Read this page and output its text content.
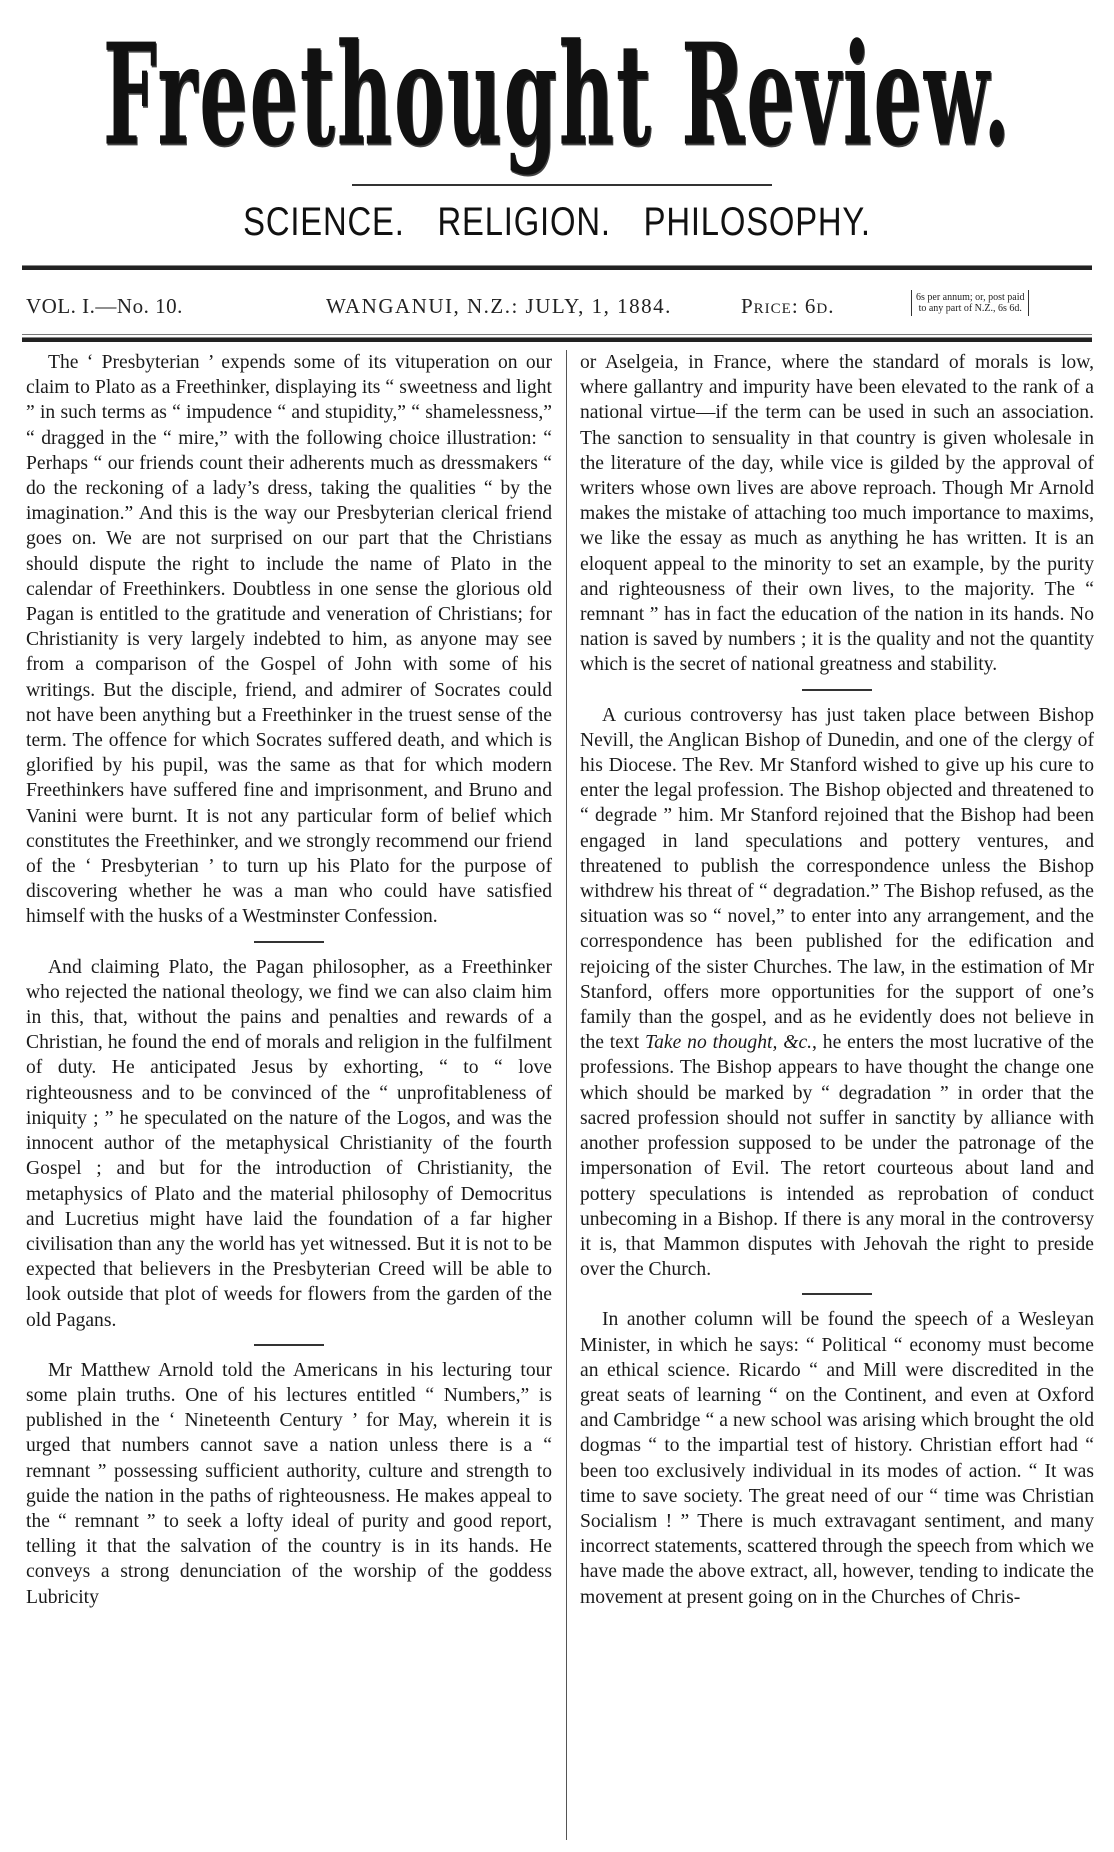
Freethought Review.
SCIENCE. RELIGION. PHILOSOPHY.
VOL. I.—No. 10.	WANGANUI, N.Z.: JULY, 1, 1884.	Price: 6d.	6s per annum; or, post paid
to any part of N.Z., 6s 6d.

The ‘ Presbyterian ’ expends some of its vituperation on our claim to Plato as a Freethinker, displaying its “ sweetness and light ” in such terms as “ impudence “ and stupidity,” “ shamelessness,” “ dragged in the “ mire,” with the following choice illustration: “ Perhaps “ our friends count their adherents much as dressmakers “ do the reckoning of a lady’s dress, taking the qualities “ by the imagination.” And this is the way our Presbyterian clerical friend goes on. We are not surprised on our part that the Christians should dispute the right to include the name of Plato in the calendar of Freethinkers. Doubtless in one sense the glorious old Pagan is entitled to the gratitude and veneration of Christians; for Christianity is very largely indebted to him, as anyone may see from a comparison of the Gospel of John with some of his writings. But the disciple, friend, and admirer of Socrates could not have been anything but a Freethinker in the truest sense of the term. The offence for which Socrates suffered death, and which is glorified by his pupil, was the same as that for which modern Freethinkers have suffered fine and imprisonment, and Bruno and Vanini were burnt. It is not any particular form of belief which constitutes the Freethinker, and we strongly recommend our friend of the ‘ Presbyterian ’ to turn up his Plato for the purpose of discovering whether he was a man who could have satisfied himself with the husks of a Westminster Confession.

And claiming Plato, the Pagan philosopher, as a Freethinker who rejected the national theology, we find we can also claim him in this, that, without the pains and penalties and rewards of a Christian, he found the end of morals and religion in the fulfilment of duty. He anticipated Jesus by exhorting, “ to “ love righteousness and to be convinced of the “ unprofitableness of iniquity ; ” he speculated on the nature of the Logos, and was the innocent author of the metaphysical Christianity of the fourth Gospel ; and but for the introduction of Christianity, the metaphysics of Plato and the material philosophy of Democritus and Lucretius might have laid the foundation of a far higher civilisation than any the world has yet witnessed. But it is not to be expected that believers in the Presbyterian Creed will be able to look outside that plot of weeds for flowers from the garden of the old Pagans.

Mr Matthew Arnold told the Americans in his lecturing tour some plain truths. One of his lectures entitled “ Numbers,” is published in the ‘ Nineteenth Century ’ for May, wherein it is urged that numbers cannot save a nation unless there is a “ remnant ” possessing sufficient authority, culture and strength to guide the nation in the paths of righteousness. He makes appeal to the “ remnant ” to seek a lofty ideal of purity and good report, telling it that the salvation of the country is in its hands. He conveys a strong denunciation of the worship of the goddess Lubricity

or Aselgeia, in France, where the standard of morals is low, where gallantry and impurity have been elevated to the rank of a national virtue—if the term can be used in such an association. The sanction to sensuality in that country is given wholesale in the literature of the day, while vice is gilded by the approval of writers whose own lives are above reproach. Though Mr Arnold makes the mistake of attaching too much importance to maxims, we like the essay as much as anything he has written. It is an eloquent appeal to the minority to set an example, by the purity and righteousness of their own lives, to the majority. The “ remnant ” has in fact the education of the nation in its hands. No nation is saved by numbers ; it is the quality and not the quantity which is the secret of national greatness and stability.

A curious controversy has just taken place between Bishop Nevill, the Anglican Bishop of Dunedin, and one of the clergy of his Diocese. The Rev. Mr Stanford wished to give up his cure to enter the legal profession. The Bishop objected and threatened to “ degrade ” him. Mr Stanford rejoined that the Bishop had been engaged in land speculations and pottery ventures, and threatened to publish the correspondence unless the Bishop withdrew his threat of “ degradation.” The Bishop refused, as the situation was so “ novel,” to enter into any arrangement, and the correspondence has been published for the edification and rejoicing of the sister Churches. The law, in the estimation of Mr Stanford, offers more opportunities for the support of one’s family than the gospel, and as he evidently does not believe in the text Take no thought, &c., he enters the most lucrative of the professions. The Bishop appears to have thought the change one which should be marked by “ degradation ” in order that the sacred profession should not suffer in sanctity by alliance with another profession supposed to be under the patronage of the impersonation of Evil. The retort courteous about land and pottery speculations is intended as reprobation of conduct unbecoming in a Bishop. If there is any moral in the controversy it is, that Mammon disputes with Jehovah the right to preside over the Church.

In another column will be found the speech of a Wesleyan Minister, in which he says: “ Political “ economy must become an ethical science. Ricardo “ and Mill were discredited in the great seats of learning “ on the Continent, and even at Oxford and Cambridge “ a new school was arising which brought the old dogmas “ to the impartial test of history. Christian effort had “ been too exclusively individual in its modes of action. “ It was time to save society. The great need of our “ time was Christian Socialism ! ” There is much extravagant sentiment, and many incorrect statements, scattered through the speech from which we have made the above extract, all, however, tending to indicate the movement at present going on in the Churches of Chris-
